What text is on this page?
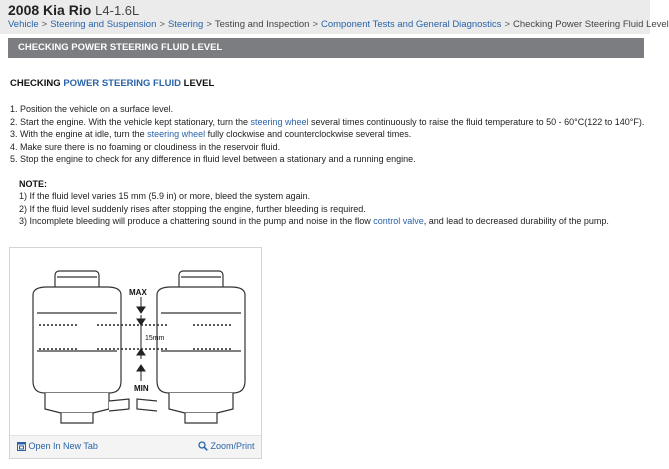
2008 Kia Rio L4-1.6L
Vehicle > Steering and Suspension > Steering > Testing and Inspection > Component Tests and General Diagnostics > Checking Power Steering Fluid Level
CHECKING POWER STEERING FLUID LEVEL
CHECKING POWER STEERING FLUID LEVEL
1. Position the vehicle on a surface level.
2. Start the engine. With the vehicle kept stationary, turn the steering wheel several times continuously to raise the fluid temperature to 50 - 60°C(122 to 140°F).
3. With the engine at idle, turn the steering wheel fully clockwise and counterclockwise several times.
4. Make sure there is no foaming or cloudiness in the reservoir fluid.
5. Stop the engine to check for any difference in fluid level between a stationary and a running engine.
NOTE:
1) If the fluid level varies 15 mm (5.9 in) or more, bleed the system again.
2) If the fluid level suddenly rises after stopping the engine, further bleeding is required.
3) Incomplete bleeding will produce a chattering sound in the pump and noise in the flow control valve, and lead to decreased durability of the pump.
MAX
MIN
15mm
Open In New Tab	Zoom/Print
